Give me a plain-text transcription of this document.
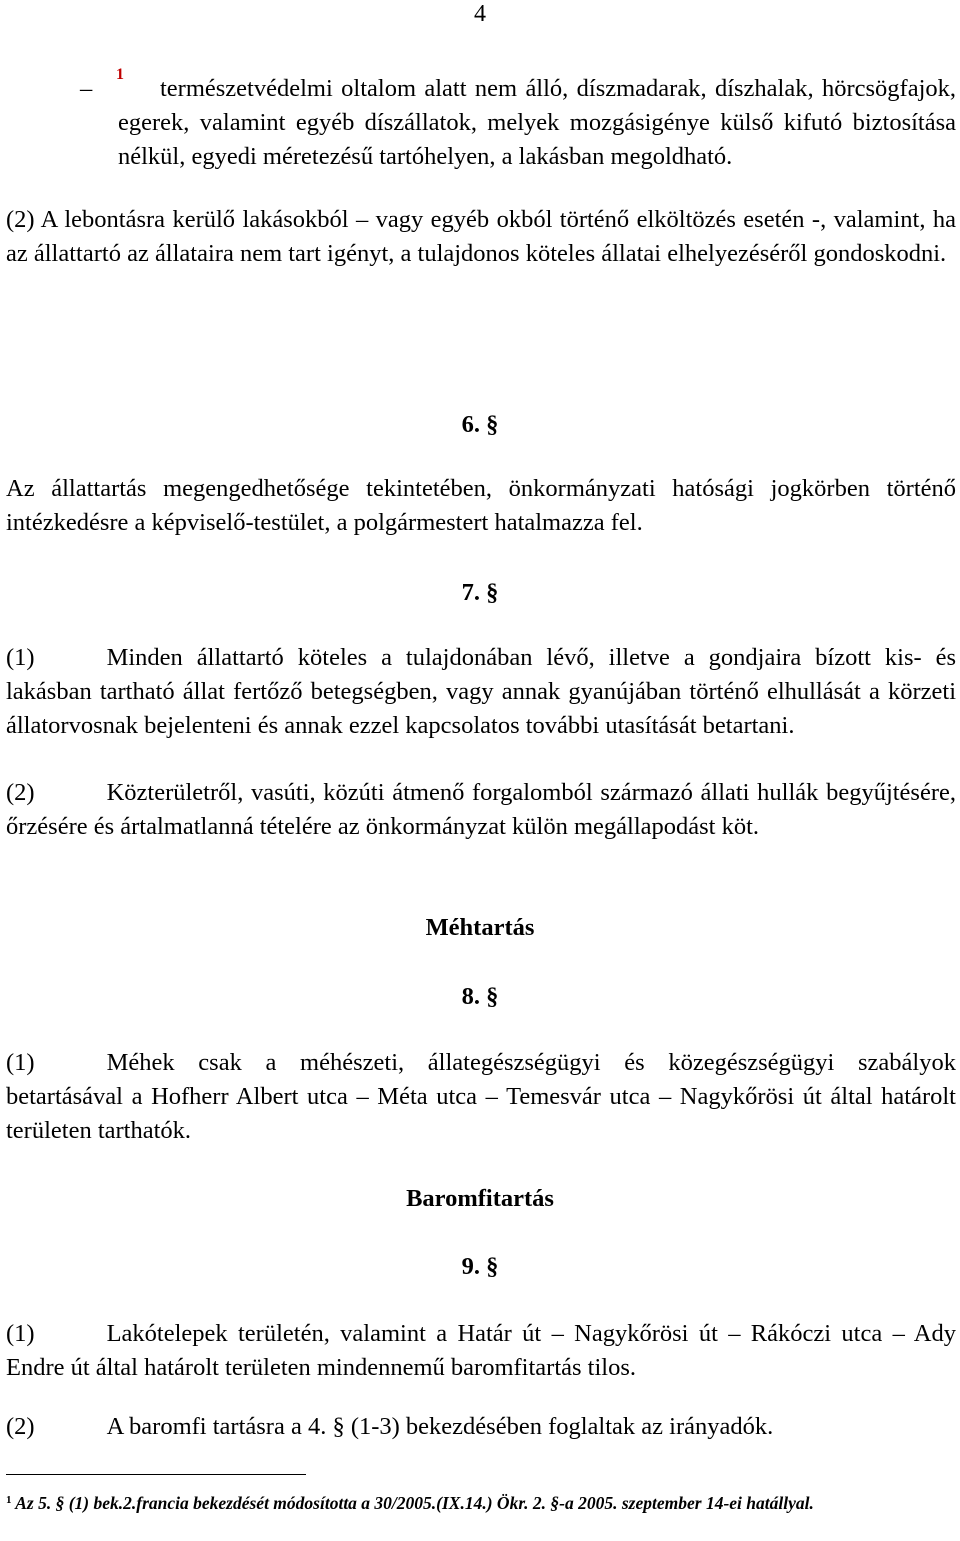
4
–
1

természetvédelmi oltalom alatt nem álló, díszmadarak, díszhalak, hörcsögfajok, egerek, valamint egyéb díszállatok, melyek mozgásigénye külső kifutó biztosítása nélkül, egyedi méretezésű tartóhelyen, a lakásban megoldható.

(2) A lebontásra kerülő lakásokból – vagy egyéb okból történő elköltözés esetén -, valamint, ha az állattartó az állataira nem tart igényt, a tulajdonos köteles állatai elhelyezéséről gondoskodni.

6. §

Az állattartás megengedhetősége tekintetében, önkormányzati hatósági jogkörben történő intézkedésre a képviselő-testület, a polgármestert hatalmazza fel.

7. §

(1)	Minden állattartó köteles a tulajdonában lévő, illetve a gondjaira bízott kis- és lakásban tartható állat fertőző betegségben, vagy annak gyanújában történő elhullását a körzeti állatorvosnak bejelenteni és annak ezzel kapcsolatos további utasítását betartani.

(2)	Közterületről, vasúti, közúti átmenő forgalomból származó állati hullák begyűjtésére, őrzésére és ártalmatlanná tételére az önkormányzat külön megállapodást köt.

Méhtartás
8. §

(1)	Méhek csak a méhészeti, állategészségügyi és közegészségügyi szabályok betartásával a Hofherr Albert utca – Méta utca – Temesvár utca – Nagykőrösi út által határolt területen tarthatók.

Baromfitartás
9. §

(1)	Lakótelepek területén, valamint a Határ út – Nagykőrösi út – Rákóczi utca – Ady Endre út által határolt területen mindennemű baromfitartás tilos.

(2)	A baromfi tartásra a 4. § (1-3) bekezdésében foglaltak az irányadók.

$^1$ Az 5. § (1) bek.2.francia bekezdését módosította a 30/2005.(IX.14.) Ökr. 2. §-a 2005. szeptember 14-ei hatállyal.
